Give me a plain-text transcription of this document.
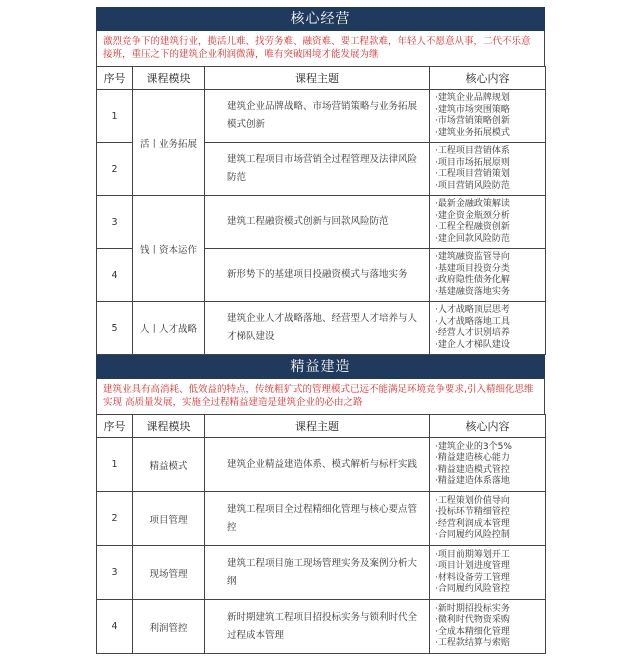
核心经营
激烈竞争下的建筑行业，揽活儿难、找劳务难、融资难、要工程款难，年轻人不愿意从事，二代不乐意接班，重压之下的建筑企业利润微薄，唯有突破困境才能发展为继
序号	课程模块	课程主题	核心内容
1	活丨业务拓展	建筑企业品牌战略、市场营销策略与业务拓展模式创新	·建筑企业品牌规划
·建筑市场突围策略
·市场营销策略创新
·建筑业务拓展模式

2		建筑工程项目市场营销全过程管理及法律风险防范	·工程项目营销体系
·项目市场拓展原则
·工程项目营销策划
·项目营销风险防范

3	钱丨资本运作	建筑工程融资模式创新与回款风险防范	·最新金融政策解读
·建企资金瓶颈分析
·工程全程融资创新
·建企回款风险防范

4		新形势下的基建项目投融资模式与落地实务	·建筑融资监管导向
·基建项目投资分类
·政府隐性债务化解
·基建融资落地实务

5	人丨人才战略	建筑企业人才战略落地、经营型人才培养与人才梯队建设	·人才战略顶层思考
·人才战略落地工具
·经营人才识别培养
·建企人才梯队建设
精益建造
建筑业具有高消耗、低效益的特点，传统粗犷式的管理模式已远不能满足环境竞争要求,引入精细化思维实现 高质量发展，实施全过程精益建造是建筑企业的必由之路
序号	课程模块	课程主题	核心内容
1	精益模式	建筑企业精益建造体系、模式解析与标杆实践	·建筑企业的3个5%
·精益建造核心能力
·精益建造模式管控
·精益建造体系落地

2	项目管理	建筑工程项目全过程精细化管理与核心要点管控	·工程策划价值导向
·投标环节精细管控
·经营利润成本管理
·合同履约风险控制

3	现场管理	建筑工程项目施工现场管理实务及案例分析大纲	·项目前期筹划开工
·项目计划进度管理
·材料设备劳工管理
·合同履约风险管控

4	利润管控	新时期建筑工程项目招投标实务与锁利时代全过程成本管理	·新时期招投标实务
·微利时代物资采购
·全成本精细化管理
·工程款结算与索赔
